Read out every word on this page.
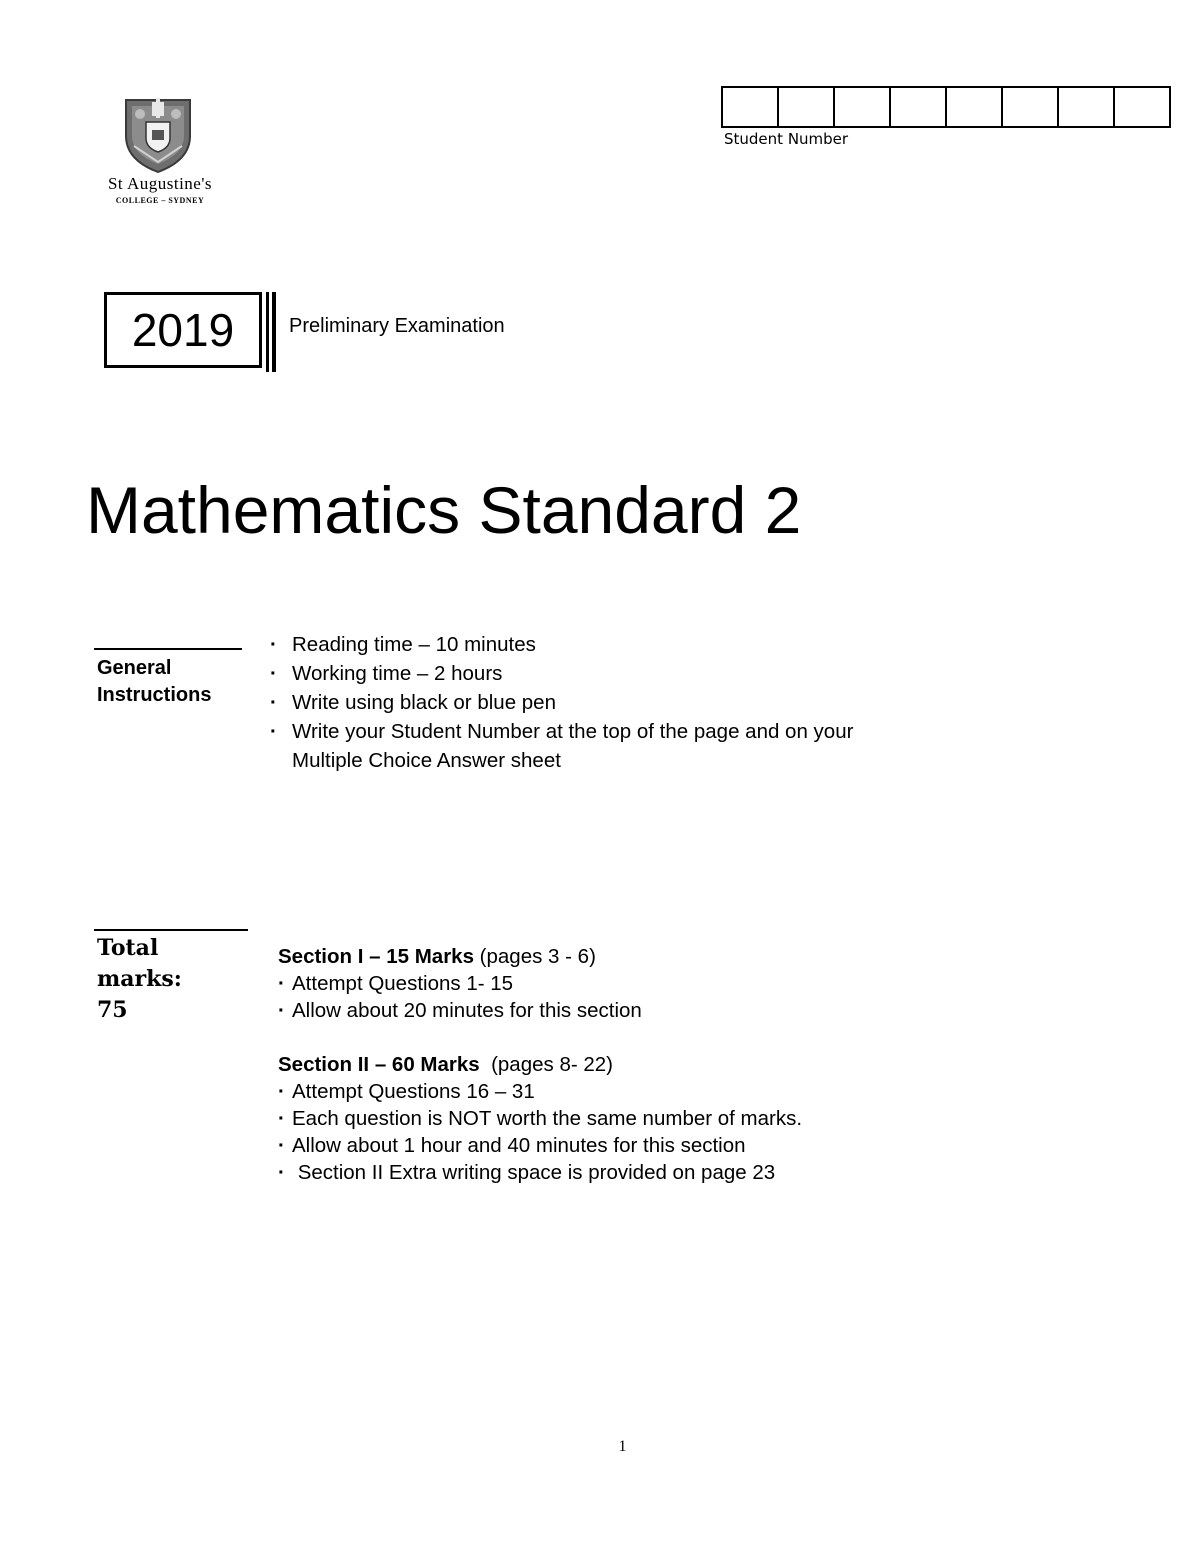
St Augustine's
COLLEGE – SYDNEY
Student Number
2019	Preliminary Examination
Mathematics Standard 2
General
Instructions
· Reading time – 10 minutes
· Working time – 2 hours
· Write using black or blue pen
· Write your Student Number at the top of the page and on your Multiple Choice Answer sheet
Total
marks:
75
Section I – 15 Marks (pages 3 - 6)
· Attempt Questions 1- 15
· Allow about 20 minutes for this section
Section II – 60 Marks  (pages 8- 22)
· Attempt Questions 16 – 31
· Each question is NOT worth the same number of marks.
· Allow about 1 hour and 40 minutes for this section
·  Section II Extra writing space is provided on page 23
1
